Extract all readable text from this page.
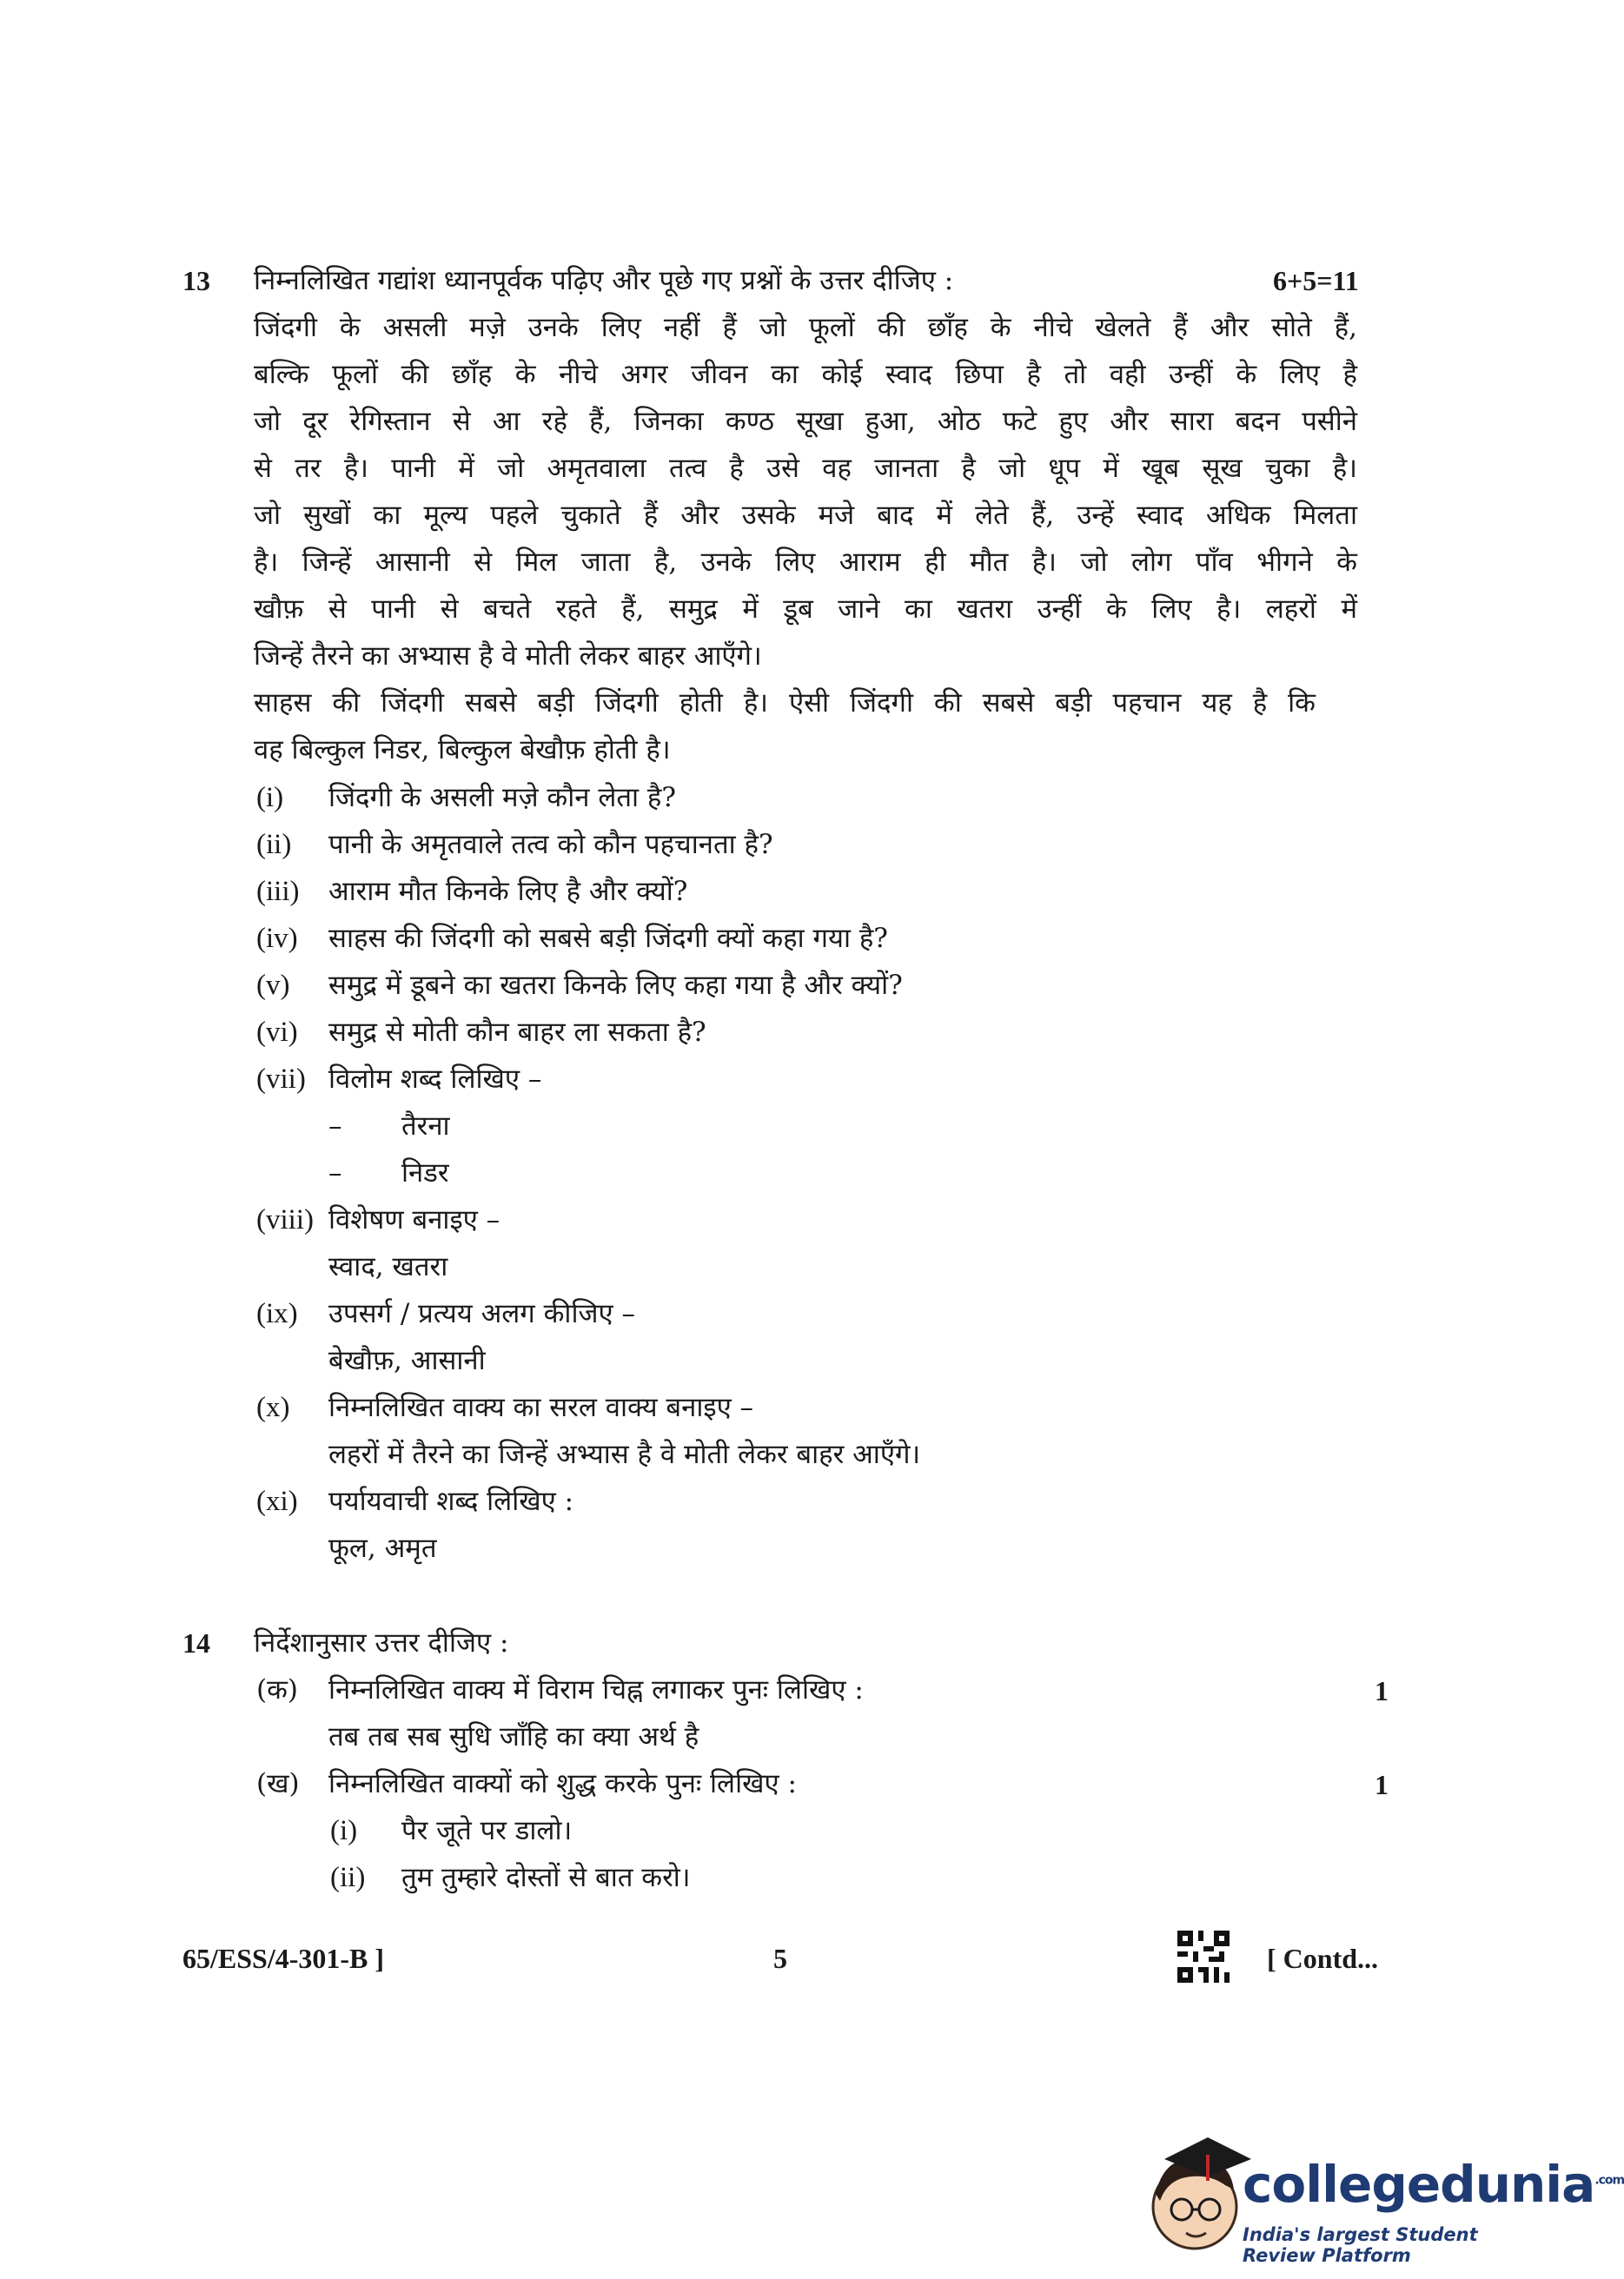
13 निम्नलिखित गद्यांश ध्यानपूर्वक पढ़िए और पूछे गए प्रश्नों के उत्तर दीजिए :	6+5=11
जिंदगी के असली मज़े उनके लिए नहीं हैं जो फूलों की छाँह के नीचे खेलते हैं और सोते हैं,
बल्कि फूलों की छाँह के नीचे अगर जीवन का कोई स्वाद छिपा है तो वही उन्हीं के लिए है
जो दूर रेगिस्तान से आ रहे हैं, जिनका कण्ठ सूखा हुआ, ओठ फटे हुए और सारा बदन पसीने
से तर है। पानी में जो अमृतवाला तत्व है उसे वह जानता है जो धूप में खूब सूख चुका है।
जो सुखों का मूल्य पहले चुकाते हैं और उसके मजे बाद में लेते हैं, उन्हें स्वाद अधिक मिलता
है। जिन्हें आसानी से मिल जाता है, उनके लिए आराम ही मौत है। जो लोग पाँव भीगने के
खौफ़ से पानी से बचते रहते हैं, समुद्र में डूब जाने का खतरा उन्हीं के लिए है। लहरों में
जिन्हें तैरने का अभ्यास है वे मोती लेकर बाहर आएँगे।
साहस की जिंदगी सबसे बड़ी जिंदगी होती है। ऐसी जिंदगी की सबसे बड़ी पहचान यह है कि
वह बिल्कुल निडर, बिल्कुल बेखौफ़ होती है।
(i) जिंदगी के असली मज़े कौन लेता है?
(ii) पानी के अमृतवाले तत्व को कौन पहचानता है?
(iii) आराम मौत किनके लिए है और क्यों?
(iv) साहस की जिंदगी को सबसे बड़ी जिंदगी क्यों कहा गया है?
(v) समुद्र में डूबने का खतरा किनके लिए कहा गया है और क्यों?
(vi) समुद्र से मोती कौन बाहर ला सकता है?
(vii) विलोम शब्द लिखिए –
– तैरना
– निडर
(viii) विशेषण बनाइए –
स्वाद, खतरा
(ix) उपसर्ग / प्रत्यय अलग कीजिए –
बेखौफ़, आसानी
(x) निम्नलिखित वाक्य का सरल वाक्य बनाइए –
लहरों में तैरने का जिन्हें अभ्यास है वे मोती लेकर बाहर आएँगे।
(xi) पर्यायवाची शब्द लिखिए :
फूल, अमृत
14 निर्देशानुसार उत्तर दीजिए :
(क) निम्नलिखित वाक्य में विराम चिह्न लगाकर पुनः लिखिए :	1
तब तब सब सुधि जाँहि का क्या अर्थ है
(ख) निम्नलिखित वाक्यों को शुद्ध करके पुनः लिखिए :	1
(i) पैर जूते पर डालो।
(ii) तुम तुम्हारे दोस्तों से बात करो।
65/ESS/4-301-B ]	5	[ Contd...
collegedunia$^{.com}$
India's largest Student Review Platform
